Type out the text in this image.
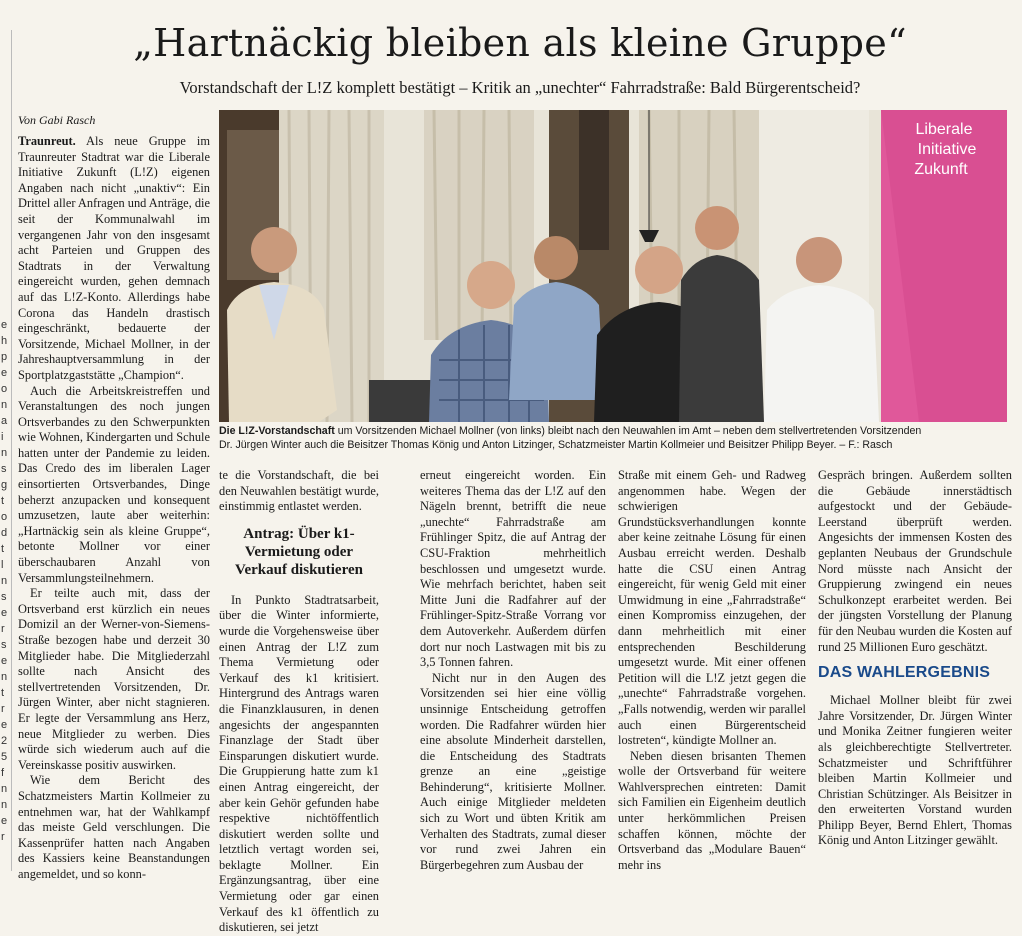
e
h
p
e
o
n
a
i
n
s
g
t
o
d
t
l
n
s
e
r
s
e
n
t
r
e
2
5
f
n
n
e
r
„Hartnäckig bleiben als kleine Gruppe“
Vorstandschaft der L!Z komplett bestätigt – Kritik an „unechter“ Fahrradstraße: Bald Bürgerentscheid?
Von Gabi Rasch

Traunreut. Als neue Gruppe im Traunreuter Stadtrat war die Liberale Initiative Zukunft (L!Z) eigenen Angaben nach nicht „unaktiv“: Ein Drittel aller Anfragen und Anträge, die seit der Kommunalwahl im vergangenen Jahr von den insgesamt acht Parteien und Gruppen des Stadtrats in der Verwaltung eingereicht wurden, gehen demnach auf das L!Z-Konto. Allerdings habe Corona das Handeln drastisch eingeschränkt, bedauerte der Vorsitzende, Michael Mollner, in der Jahreshauptversammlung in der Sportplatzgaststätte „Champion“.

Auch die Arbeitskreistreffen und Veranstaltungen des noch jungen Ortsverbandes zu den Schwerpunkten wie Wohnen, Kindergarten und Schule hatten unter der Pandemie zu leiden. Das Credo des im liberalen Lager einsortierten Ortsverbandes, Dinge beherzt anzupacken und konsequent umzusetzen, laute aber weiterhin: „Hartnäckig sein als kleine Gruppe“, betonte Mollner vor einer überschaubaren Anzahl von Versammlungsteilnehmern.

Er teilte auch mit, dass der Ortsverband erst kürzlich ein neues Domizil an der Werner-von-Siemens-Straße bezogen habe und derzeit 30 Mitglieder habe. Die Mitgliederzahl sollte nach Ansicht des stellvertretenden Vorsitzenden, Dr. Jürgen Winter, aber nicht stagnieren. Er legte der Versammlung ans Herz, neue Mitglieder zu werben. Dies würde sich wiederum auch auf die Vereinskasse positiv auswirken.

Wie dem Bericht des Schatzmeisters Martin Kollmeier zu entnehmen war, hat der Wahlkampf das meiste Geld verschlungen. Die Kassenprüfer hatten nach Angaben des Kassiers keine Beanstandungen angemeldet, und so konn-

Liberale
Initiative
Zukunft
Die L!Z-Vorstandschaft um Vorsitzenden Michael Mollner (von links) bleibt nach den Neuwahlen im Amt – neben dem stellvertretenden Vorsitzenden
Dr. Jürgen Winter auch die Beisitzer Thomas König und Anton Litzinger, Schatzmeister Martin Kollmeier und Beisitzer Philipp Beyer. – F.: Rasch

te die Vorstandschaft, die bei den Neuwahlen bestätigt wurde, einstimmig entlastet werden.

Antrag: Über k1-Vermietung oder Verkauf diskutieren

In Punkto Stadtratsarbeit, über die Winter informierte, wurde die Vorgehensweise über einen Antrag der L!Z zum Thema Vermietung oder Verkauf des k1 kritisiert. Hintergrund des Antrags waren die Finanzklausuren, in denen angesichts der angespannten Finanzlage der Stadt über Einsparungen diskutiert wurde. Die Gruppierung hatte zum k1 einen Antrag eingereicht, der aber kein Gehör gefunden habe respektive nichtöffentlich diskutiert werden sollte und letztlich vertagt worden sei, beklagte Mollner. Ein Ergänzungsantrag, über eine Vermietung oder gar einen Verkauf des k1 öffentlich zu diskutieren, sei jetzt

erneut eingereicht worden. Ein weiteres Thema das der L!Z auf den Nägeln brennt, betrifft die neue „unechte“ Fahrradstraße am Frühlinger Spitz, die auf Antrag der CSU-Fraktion mehrheitlich beschlossen und umgesetzt wurde. Wie mehrfach berichtet, haben seit Mitte Juni die Radfahrer auf der Frühlinger-Spitz-Straße Vorrang vor dem Autoverkehr. Außerdem dürfen dort nur noch Lastwagen mit bis zu 3,5 Tonnen fahren.

Nicht nur in den Augen des Vorsitzenden sei hier eine völlig unsinnige Entscheidung getroffen worden. Die Radfahrer würden hier eine absolute Minderheit darstellen, die Entscheidung des Stadtrats grenze an eine „geistige Behinderung“, kritisierte Mollner. Auch einige Mitglieder meldeten sich zu Wort und übten Kritik am Verhalten des Stadtrats, zumal dieser vor rund zwei Jahren ein Bürgerbegehren zum Ausbau der

Straße mit einem Geh- und Radweg angenommen habe. Wegen der schwierigen Grundstücksverhandlungen konnte aber keine zeitnahe Lösung für einen Ausbau erreicht werden. Deshalb hatte die CSU einen Antrag eingereicht, für wenig Geld mit einer Umwidmung in eine „Fahrradstraße“ einen Kompromiss einzugehen, der dann mehrheitlich mit einer entsprechenden Beschilderung umgesetzt wurde. Mit einer offenen Petition will die L!Z jetzt gegen die „unechte“ Fahrradstraße vorgehen. „Falls notwendig, werden wir parallel auch einen Bürgerentscheid lostreten“, kündigte Mollner an.

Neben diesen brisanten Themen wolle der Ortsverband für weitere Wahlversprechen eintreten: Damit sich Familien ein Eigenheim deutlich unter herkömmlichen Preisen schaffen können, möchte der Ortsverband das „Modulare Bauen“ mehr ins

Gespräch bringen. Außerdem sollten die Gebäude innerstädtisch aufgestockt und der Gebäude-Leerstand überprüft werden. Angesichts der immensen Kosten des geplanten Neubaus der Grundschule Nord müsste nach Ansicht der Gruppierung zwingend ein neues Schulkonzept erarbeitet werden. Bei der jüngsten Vorstellung der Planung für den Neubau wurden die Kosten auf rund 25 Millionen Euro geschätzt.

DAS WAHLERGEBNIS

Michael Mollner bleibt für zwei Jahre Vorsitzender, Dr. Jürgen Winter und Monika Zeitner fungieren weiter als gleichberechtigte Stellvertreter. Schatzmeister und Schriftführer bleiben Martin Kollmeier und Christian Schützinger. Als Beisitzer in den erweiterten Vorstand wurden Philipp Beyer, Bernd Ehlert, Thomas König und Anton Litzinger gewählt.
